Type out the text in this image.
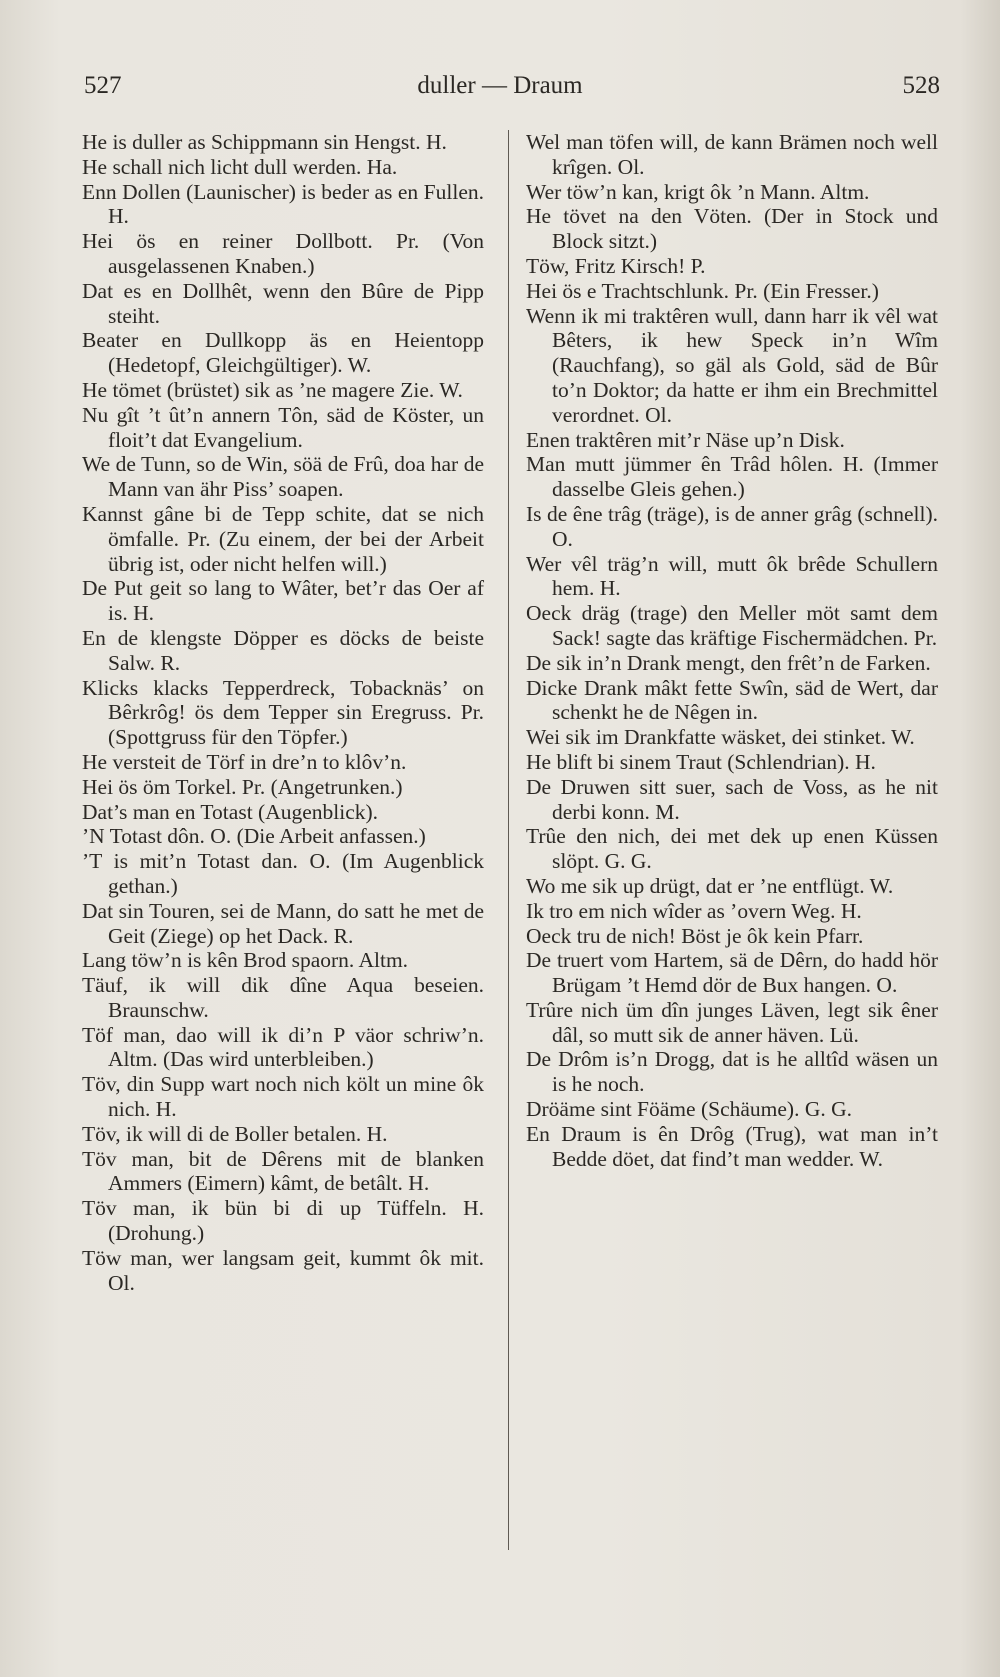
527	duller — Draum	528
He is duller as Schippmann sin Hengst. H.
He schall nich licht dull werden. Ha.
Enn Dollen (Launischer) is beder as en Fullen. H.
Hei ös en reiner Dollbott. Pr. (Von ausgelassenen Knaben.)
Dat es en Dollhêt, wenn den Bûre de Pipp steiht.
Beater en Dullkopp äs en Heientopp (Hedetopf, Gleichgültiger). W.
He tömet (brüstet) sik as ’ne magere Zie. W.
Nu gît ’t ût’n annern Tôn, säd de Köster, un floit’t dat Evangelium.
We de Tunn, so de Win, söä de Frû, doa har de Mann van ähr Piss’ soapen.
Kannst gâne bi de Tepp schite, dat se nich ömfalle. Pr. (Zu einem, der bei der Arbeit übrig ist, oder nicht helfen will.)
De Put geit so lang to Wâter, bet’r das Oer af is. H.
En de klengste Döpper es döcks de beiste Salw. R.
Klicks klacks Tepperdreck, Tobacknäs’ on Bêrkrôg! ös dem Tepper sin Eregruss. Pr. (Spottgruss für den Töpfer.)
He versteit de Törf in dre’n to klôv’n.
Hei ös öm Torkel. Pr. (Angetrunken.)
Dat’s man en Totast (Augenblick).
’N Totast dôn. O. (Die Arbeit anfassen.)
’T is mit’n Totast dan. O. (Im Augenblick gethan.)
Dat sin Touren, sei de Mann, do satt he met de Geit (Ziege) op het Dack. R.
Lang töw’n is kên Brod spaorn. Altm.
Täuf, ik will dik dîne Aqua beseien. Braunschw.
Töf man, dao will ik di’n P väor schriw’n. Altm. (Das wird unterbleiben.)
Töv, din Supp wart noch nich költ un mine ôk nich. H.
Töv, ik will di de Boller betalen. H.
Töv man, bit de Dêrens mit de blanken Ammers (Eimern) kâmt, de betâlt. H.
Töv man, ik bün bi di up Tüffeln. H. (Drohung.)
Töw man, wer langsam geit, kummt ôk mit. Ol.
Wel man töfen will, de kann Brämen noch well krîgen. Ol.
Wer töw’n kan, krigt ôk ’n Mann. Altm.
He tövet na den Vöten. (Der in Stock und Block sitzt.)
Töw, Fritz Kirsch! P.
Hei ös e Trachtschlunk. Pr. (Ein Fresser.)
Wenn ik mi traktêren wull, dann harr ik vêl wat Bêters, ik hew Speck in’n Wîm (Rauchfang), so gäl als Gold, säd de Bûr to’n Doktor; da hatte er ihm ein Brechmittel verordnet. Ol.
Enen traktêren mit’r Näse up’n Disk.
Man mutt jümmer ên Trâd hôlen. H. (Immer dasselbe Gleis gehen.)
Is de êne trâg (träge), is de anner grâg (schnell). O.
Wer vêl träg’n will, mutt ôk brêde Schullern hem. H.
Oeck dräg (trage) den Meller möt samt dem Sack! sagte das kräftige Fischermädchen. Pr.
De sik in’n Drank mengt, den frêt’n de Farken.
Dicke Drank mâkt fette Swîn, säd de Wert, dar schenkt he de Nêgen in.
Wei sik im Drankfatte wäsket, dei stinket. W.
He blift bi sinem Traut (Schlendrian). H.
De Druwen sitt suer, sach de Voss, as he nit derbi konn. M.
Trûe den nich, dei met dek up enen Küssen slöpt. G. G.
Wo me sik up drügt, dat er ’ne entflügt. W.
Ik tro em nich wîder as ’overn Weg. H.
Oeck tru de nich! Böst je ôk kein Pfarr.
De truert vom Hartem, sä de Dêrn, do hadd hör Brügam ’t Hemd dör de Bux hangen. O.
Trûre nich üm dîn junges Läven, legt sik êner dâl, so mutt sik de anner häven. Lü.
De Drôm is’n Drogg, dat is he alltîd wäsen un is he noch.
Dröäme sint Föäme (Schäume). G. G.
En Draum is ên Drôg (Trug), wat man in’t Bedde döet, dat find’t man wedder. W.
